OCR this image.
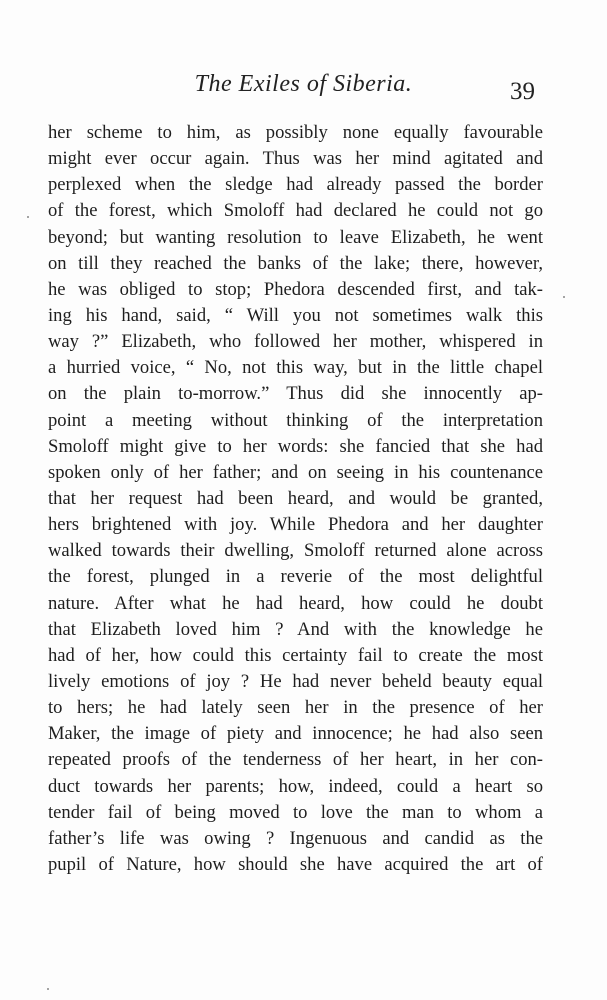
The Exiles of Siberia.	39
her scheme to him, as possibly none equally favourable
might ever occur again. Thus was her mind agitated and
perplexed when the sledge had already passed the border
of the forest, which Smoloff had declared he could not go
beyond; but wanting resolution to leave Elizabeth, he went
on till they reached the banks of the lake; there, however,
he was obliged to stop; Phedora descended first, and tak-
ing his hand, said, “ Will you not sometimes walk this
way ?” Elizabeth, who followed her mother, whispered in
a hurried voice, “ No, not this way, but in the little chapel
on the plain to-morrow.” Thus did she innocently ap-
point a meeting without thinking of the interpretation
Smoloff might give to her words: she fancied that she had
spoken only of her father; and on seeing in his countenance
that her request had been heard, and would be granted,
hers brightened with joy. While Phedora and her daughter
walked towards their dwelling, Smoloff returned alone across
the forest, plunged in a reverie of the most delightful
nature. After what he had heard, how could he doubt
that Elizabeth loved him ? And with the knowledge he
had of her, how could this certainty fail to create the most
lively emotions of joy ? He had never beheld beauty equal
to hers; he had lately seen her in the presence of her
Maker, the image of piety and innocence; he had also seen
repeated proofs of the tenderness of her heart, in her con-
duct towards her parents; how, indeed, could a heart so
tender fail of being moved to love the man to whom a
father’s life was owing ? Ingenuous and candid as the
pupil of Nature, how should she have acquired the art of
